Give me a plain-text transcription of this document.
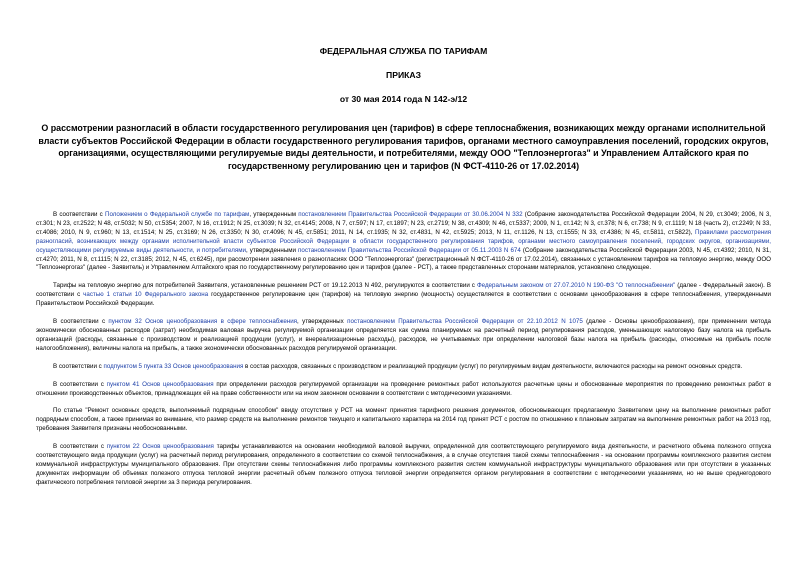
ФЕДЕРАЛЬНАЯ СЛУЖБА ПО ТАРИФАМ
ПРИКАЗ
от 30 мая 2014 года N 142-э/12
О рассмотрении разногласий в области государственного регулирования цен (тарифов) в сфере теплоснабжения, возникающих между органами исполнительной власти субъектов Российской Федерации в области государственного регулирования тарифов, органами местного самоуправления поселений, городских округов, организациями, осуществляющими регулируемые виды деятельности, и потребителями, между ООО "Теплоэнергогаз" и Управлением Алтайского края по государственному регулированию цен и тарифов (N ФСТ-4110-26 от 17.02.2014)

В соответствии с Положением о Федеральной службе по тарифам, утвержденным постановлением Правительства Российской Федерации от 30.06.2004 N 332 (Собрание законодательства Российской Федерации 2004, N 29, ст.3049; 2006, N 3, ст.301; N 23, ст.2522; N 48, ст.5032; N 50, ст.5354; 2007, N 16, ст.1912; N 25, ст.3039; N 32, ст.4145; 2008, N 7, ст.597; N 17, ст.1897; N 23, ст.2719; N 38, ст.4309; N 46, ст.5337; 2009, N 1, ст.142; N 3, ст.378; N 6, ст.738; N 9, ст.1119; N 18 (часть 2), ст.2249; N 33, ст.4086; 2010, N 9, ст.960; N 13, ст.1514; N 25, ст.3169; N 26, ст.3350; N 30, ст.4096; N 45, ст.5851; 2011, N 14, ст.1935; N 32, ст.4831, N 42, ст.5925; 2013, N 11, ст.1126, N 13, ст.1555; N 33, ст.4386; N 45, ст.5811, ст.5822), Правилами рассмотрения разногласий, возникающих между органами исполнительной власти субъектов Российской Федерации в области государственного регулирования тарифов, органами местного самоуправления поселений, городских округов, организациями, осуществляющими регулируемые виды деятельности, и потребителями, утвержденными постановлением Правительства Российской Федерации от 05.11.2003 N 674 (Собрание законодательства Российской Федерации 2003, N 45, ст.4392; 2010, N 31, ст.4270; 2011, N 8, ст.1115; N 22, ст.3185; 2012, N 45, ст.6245), при рассмотрении заявления о разногласиях ООО "Теплоэнергогаз" (регистрационный N ФСТ-4110-26 от 17.02.2014), связанных с установлением тарифов на тепловую энергию, между ООО "Теплоэнергогаз" (далее - Заявитель) и Управлением Алтайского края по государственному регулированию цен и тарифов (далее - РСТ), а также представленных сторонами материалов, установлено следующее.

Тарифы на тепловую энергию для потребителей Заявителя, установленные решением РСТ от 19.12.2013 N 492, регулируются в соответствии с Федеральным законом от 27.07.2010 N 190-ФЗ "О теплоснабжении" (далее - Федеральный закон). В соответствии с частью 1 статьи 10 Федерального закона государственное регулирование цен (тарифов) на тепловую энергию (мощность) осуществляется в соответствии с основами ценообразования в сфере теплоснабжения, утвержденными Правительством Российской Федерации.

В соответствии с пунктом 32 Основ ценообразования в сфере теплоснабжения, утвержденных постановлением Правительства Российской Федерации от 22.10.2012 N 1075 (далее - Основы ценообразования), при применении метода экономически обоснованных расходов (затрат) необходимая валовая выручка регулируемой организации определяется как сумма планируемых на расчетный период регулирования расходов, уменьшающих налоговую базу налога на прибыль организаций (расходы, связанные с производством и реализацией продукции (услуг), и внереализационные расходы), расходов, не учитываемых при определении налоговой базы налога на прибыль (расходы, относимые на прибыль после налогообложения), величины налога на прибыль, а также экономически обоснованных расходов регулируемой организации.

В соответствии с подпунктом 5 пункта 33 Основ ценообразования в состав расходов, связанных с производством и реализацией продукции (услуг) по регулируемым видам деятельности, включаются расходы на ремонт основных средств.

В соответствии с пунктом 41 Основ ценообразования при определении расходов регулируемой организации на проведение ремонтных работ используются расчетные цены и обоснованные мероприятия по проведению ремонтных работ в отношении производственных объектов, принадлежащих ей на праве собственности или на ином законном основании в соответствии с методическими указаниями.

По статье "Ремонт основных средств, выполняемый подрядным способом" ввиду отсутствия у РСТ на момент принятия тарифного решения документов, обосновывающих предлагаемую Заявителем цену на выполнение ремонтных работ подрядным способом, а также принимая во внимание, что размер средств на выполнение ремонтов текущего и капитального характера на 2014 год принят РСТ с ростом по отношению к плановым затратам на выполнение ремонтных работ на 2013 год, требования Заявителя признаны необоснованными.

В соответствии с пунктом 22 Основ ценообразования тарифы устанавливаются на основании необходимой валовой выручки, определенной для соответствующего регулируемого вида деятельности, и расчетного объема полезного отпуска соответствующего вида продукции (услуг) на расчетный период регулирования, определенного в соответствии со схемой теплоснабжения, а в случае отсутствия такой схемы теплоснабжения - на основании программы комплексного развития систем коммунальной инфраструктуры муниципального образования. При отсутствии схемы теплоснабжения либо программы комплексного развития систем коммунальной инфраструктуры муниципального образования или при отсутствии в указанных документах информации об объемах полезного отпуска тепловой энергии расчетный объем полезного отпуска тепловой энергии определяется органом регулирования в соответствии с методическими указаниями, но не выше среднегодового фактического потребления тепловой энергии за 3 периода регулирования.
